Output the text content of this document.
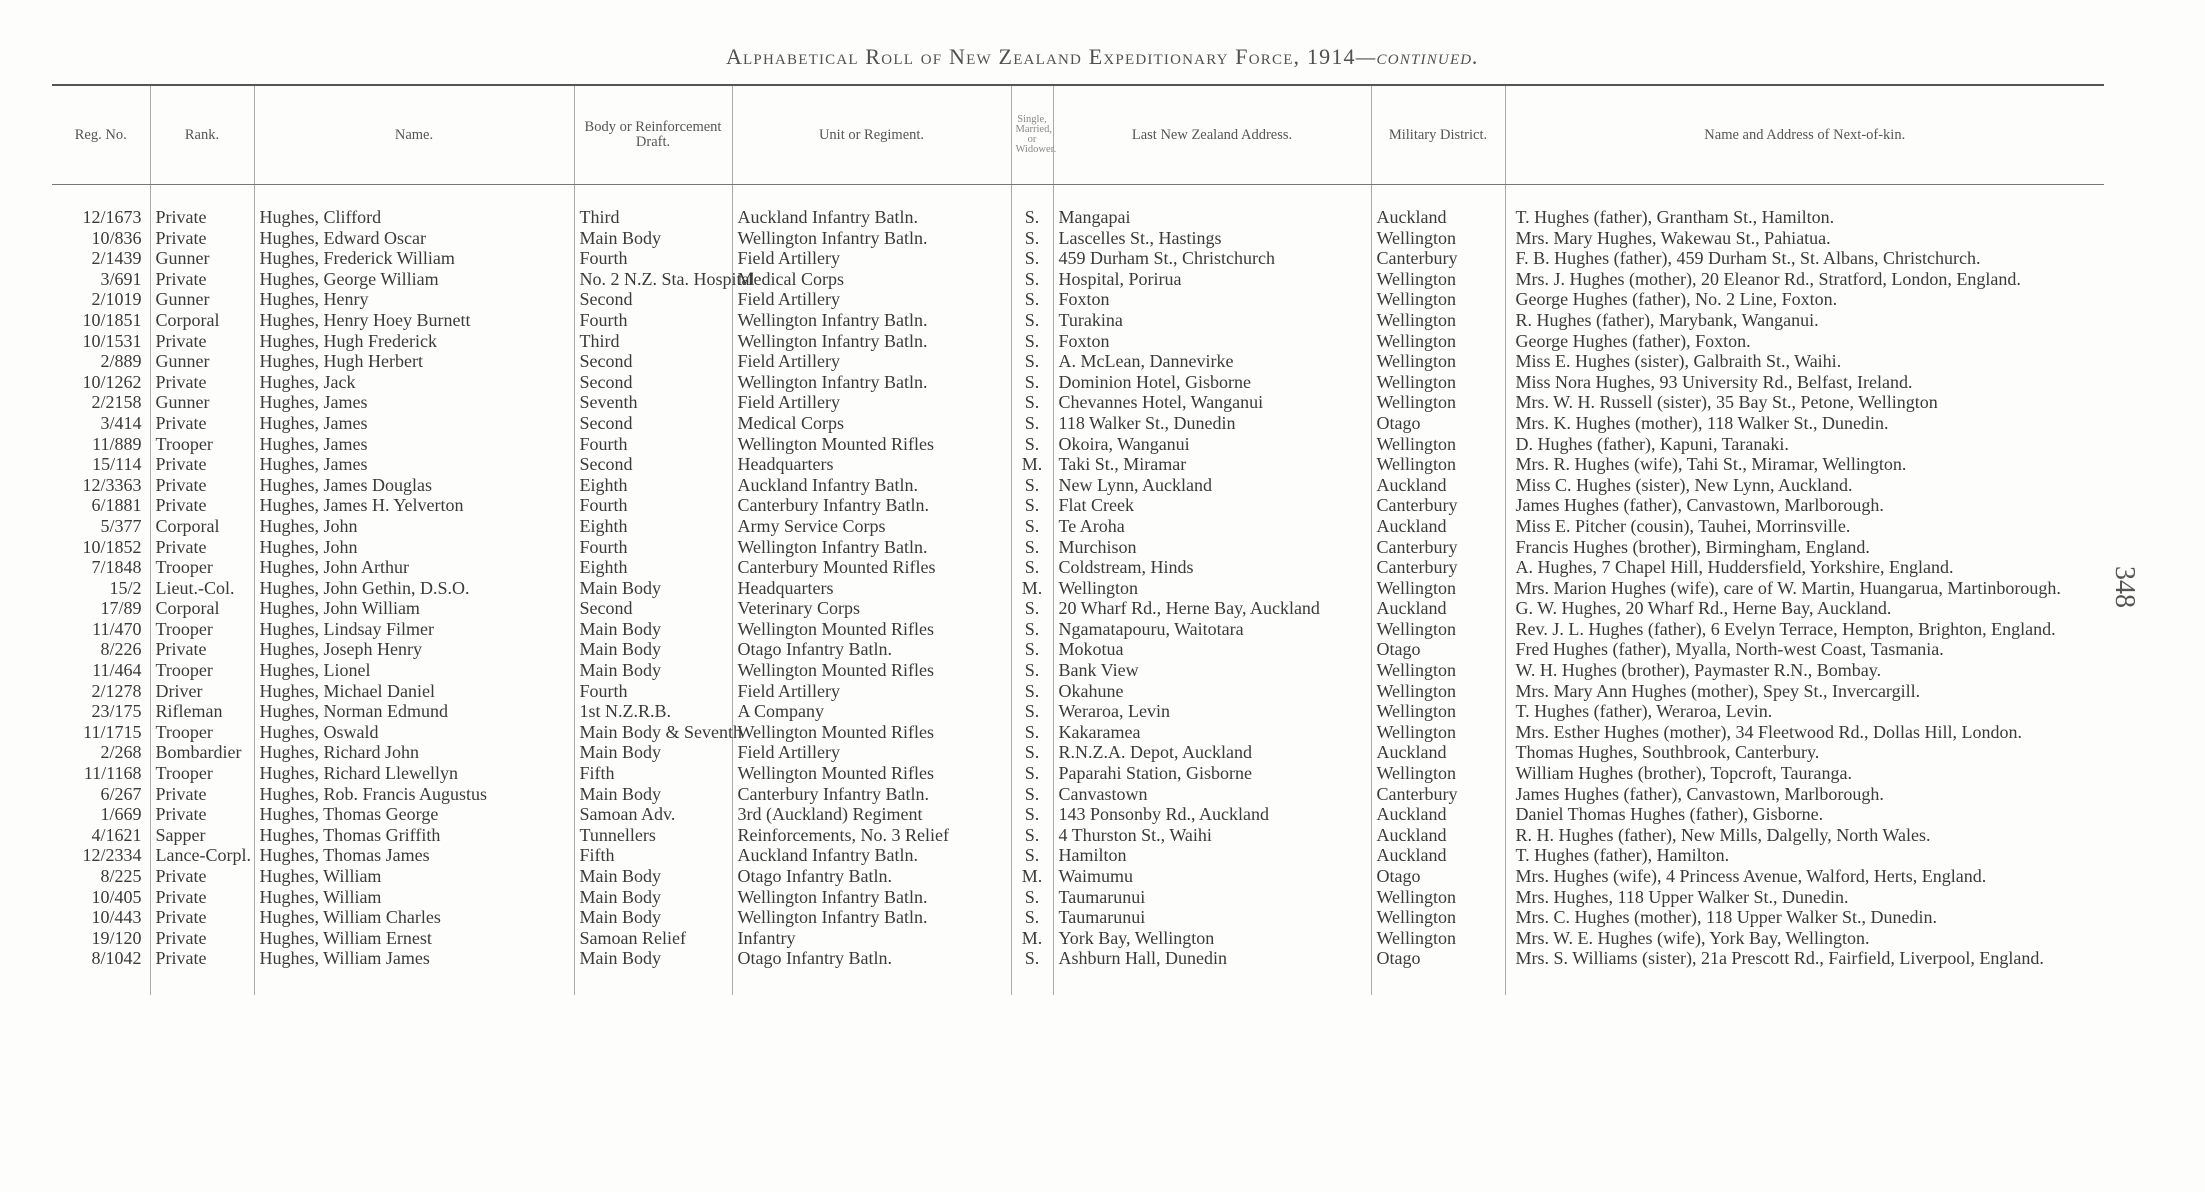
Alphabetical Roll of New Zealand Expeditionary Force, 1914—continued.
Reg. No.	Rank.	Name.	Body or Reinforcement Draft.	Unit or Regiment.	Single, Married, or Widower.	Last New Zealand Address.	Military District.	Name and Address of Next-of-kin.
12/1673	Private	Hughes, Clifford	Third	Auckland Infantry Batln.	S.	Mangapai	Auckland	T. Hughes (father), Grantham St., Hamilton.
10/836	Private	Hughes, Edward Oscar	Main Body	Wellington Infantry Batln.	S.	Lascelles St., Hastings	Wellington	Mrs. Mary Hughes, Wakewau St., Pahiatua.
2/1439	Gunner	Hughes, Frederick William	Fourth	Field Artillery	S.	459 Durham St., Christchurch	Canterbury	F. B. Hughes (father), 459 Durham St., St. Albans, Christchurch.
3/691	Private	Hughes, George William	No. 2 N.Z. Sta. Hospital	Medical Corps	S.	Hospital, Porirua	Wellington	Mrs. J. Hughes (mother), 20 Eleanor Rd., Stratford, London, England.
2/1019	Gunner	Hughes, Henry	Second	Field Artillery	S.	Foxton	Wellington	George Hughes (father), No. 2 Line, Foxton.
10/1851	Corporal	Hughes, Henry Hoey Burnett	Fourth	Wellington Infantry Batln.	S.	Turakina	Wellington	R. Hughes (father), Marybank, Wanganui.
10/1531	Private	Hughes, Hugh Frederick	Third	Wellington Infantry Batln.	S.	Foxton	Wellington	George Hughes (father), Foxton.
2/889	Gunner	Hughes, Hugh Herbert	Second	Field Artillery	S.	A. McLean, Dannevirke	Wellington	Miss E. Hughes (sister), Galbraith St., Waihi.
10/1262	Private	Hughes, Jack	Second	Wellington Infantry Batln.	S.	Dominion Hotel, Gisborne	Wellington	Miss Nora Hughes, 93 University Rd., Belfast, Ireland.
2/2158	Gunner	Hughes, James	Seventh	Field Artillery	S.	Chevannes Hotel, Wanganui	Wellington	Mrs. W. H. Russell (sister), 35 Bay St., Petone, Wellington
3/414	Private	Hughes, James	Second	Medical Corps	S.	118 Walker St., Dunedin	Otago	Mrs. K. Hughes (mother), 118 Walker St., Dunedin.
11/889	Trooper	Hughes, James	Fourth	Wellington Mounted Rifles	S.	Okoira, Wanganui	Wellington	D. Hughes (father), Kapuni, Taranaki.
15/114	Private	Hughes, James	Second	Headquarters	M.	Taki St., Miramar	Wellington	Mrs. R. Hughes (wife), Tahi St., Miramar, Wellington.
12/3363	Private	Hughes, James Douglas	Eighth	Auckland Infantry Batln.	S.	New Lynn, Auckland	Auckland	Miss C. Hughes (sister), New Lynn, Auckland.
6/1881	Private	Hughes, James H. Yelverton	Fourth	Canterbury Infantry Batln.	S.	Flat Creek	Canterbury	James Hughes (father), Canvastown, Marlborough.
5/377	Corporal	Hughes, John	Eighth	Army Service Corps	S.	Te Aroha	Auckland	Miss E. Pitcher (cousin), Tauhei, Morrinsville.
10/1852	Private	Hughes, John	Fourth	Wellington Infantry Batln.	S.	Murchison	Canterbury	Francis Hughes (brother), Birmingham, England.
7/1848	Trooper	Hughes, John Arthur	Eighth	Canterbury Mounted Rifles	S.	Coldstream, Hinds	Canterbury	A. Hughes, 7 Chapel Hill, Huddersfield, Yorkshire, England.
15/2	Lieut.-Col.	Hughes, John Gethin, D.S.O.	Main Body	Headquarters	M.	Wellington	Wellington	Mrs. Marion Hughes (wife), care of W. Martin, Huangarua, Martinborough.
17/89	Corporal	Hughes, John William	Second	Veterinary Corps	S.	20 Wharf Rd., Herne Bay, Auckland	Auckland	G. W. Hughes, 20 Wharf Rd., Herne Bay, Auckland.
11/470	Trooper	Hughes, Lindsay Filmer	Main Body	Wellington Mounted Rifles	S.	Ngamatapouru, Waitotara	Wellington	Rev. J. L. Hughes (father), 6 Evelyn Terrace, Hempton, Brighton, England.
8/226	Private	Hughes, Joseph Henry	Main Body	Otago Infantry Batln.	S.	Mokotua	Otago	Fred Hughes (father), Myalla, North-west Coast, Tasmania.
11/464	Trooper	Hughes, Lionel	Main Body	Wellington Mounted Rifles	S.	Bank View	Wellington	W. H. Hughes (brother), Paymaster R.N., Bombay.
2/1278	Driver	Hughes, Michael Daniel	Fourth	Field Artillery	S.	Okahune	Wellington	Mrs. Mary Ann Hughes (mother), Spey St., Invercargill.
23/175	Rifleman	Hughes, Norman Edmund	1st N.Z.R.B.	A Company	S.	Weraroa, Levin	Wellington	T. Hughes (father), Weraroa, Levin.
11/1715	Trooper	Hughes, Oswald	Main Body & Seventh	Wellington Mounted Rifles	S.	Kakaramea	Wellington	Mrs. Esther Hughes (mother), 34 Fleetwood Rd., Dollas Hill, London.
2/268	Bombardier	Hughes, Richard John	Main Body	Field Artillery	S.	R.N.Z.A. Depot, Auckland	Auckland	Thomas Hughes, Southbrook, Canterbury.
11/1168	Trooper	Hughes, Richard Llewellyn	Fifth	Wellington Mounted Rifles	S.	Paparahi Station, Gisborne	Wellington	William Hughes (brother), Topcroft, Tauranga.
6/267	Private	Hughes, Rob. Francis Augustus	Main Body	Canterbury Infantry Batln.	S.	Canvastown	Canterbury	James Hughes (father), Canvastown, Marlborough.
1/669	Private	Hughes, Thomas George	Samoan Adv.	3rd (Auckland) Regiment	S.	143 Ponsonby Rd., Auckland	Auckland	Daniel Thomas Hughes (father), Gisborne.
4/1621	Sapper	Hughes, Thomas Griffith	Tunnellers	Reinforcements, No. 3 Relief	S.	4 Thurston St., Waihi	Auckland	R. H. Hughes (father), New Mills, Dalgelly, North Wales.
12/2334	Lance-Corpl.	Hughes, Thomas James	Fifth	Auckland Infantry Batln.	S.	Hamilton	Auckland	T. Hughes (father), Hamilton.
8/225	Private	Hughes, William	Main Body	Otago Infantry Batln.	M.	Waimumu	Otago	Mrs. Hughes (wife), 4 Princess Avenue, Walford, Herts, England.
10/405	Private	Hughes, William	Main Body	Wellington Infantry Batln.	S.	Taumarunui	Wellington	Mrs. Hughes, 118 Upper Walker St., Dunedin.
10/443	Private	Hughes, William Charles	Main Body	Wellington Infantry Batln.	S.	Taumarunui	Wellington	Mrs. C. Hughes (mother), 118 Upper Walker St., Dunedin.
19/120	Private	Hughes, William Ernest	Samoan Relief	Infantry	M.	York Bay, Wellington	Wellington	Mrs. W. E. Hughes (wife), York Bay, Wellington.
8/1042	Private	Hughes, William James	Main Body	Otago Infantry Batln.	S.	Ashburn Hall, Dunedin	Otago	Mrs. S. Williams (sister), 21a Prescott Rd., Fairfield, Liverpool, England.
348
